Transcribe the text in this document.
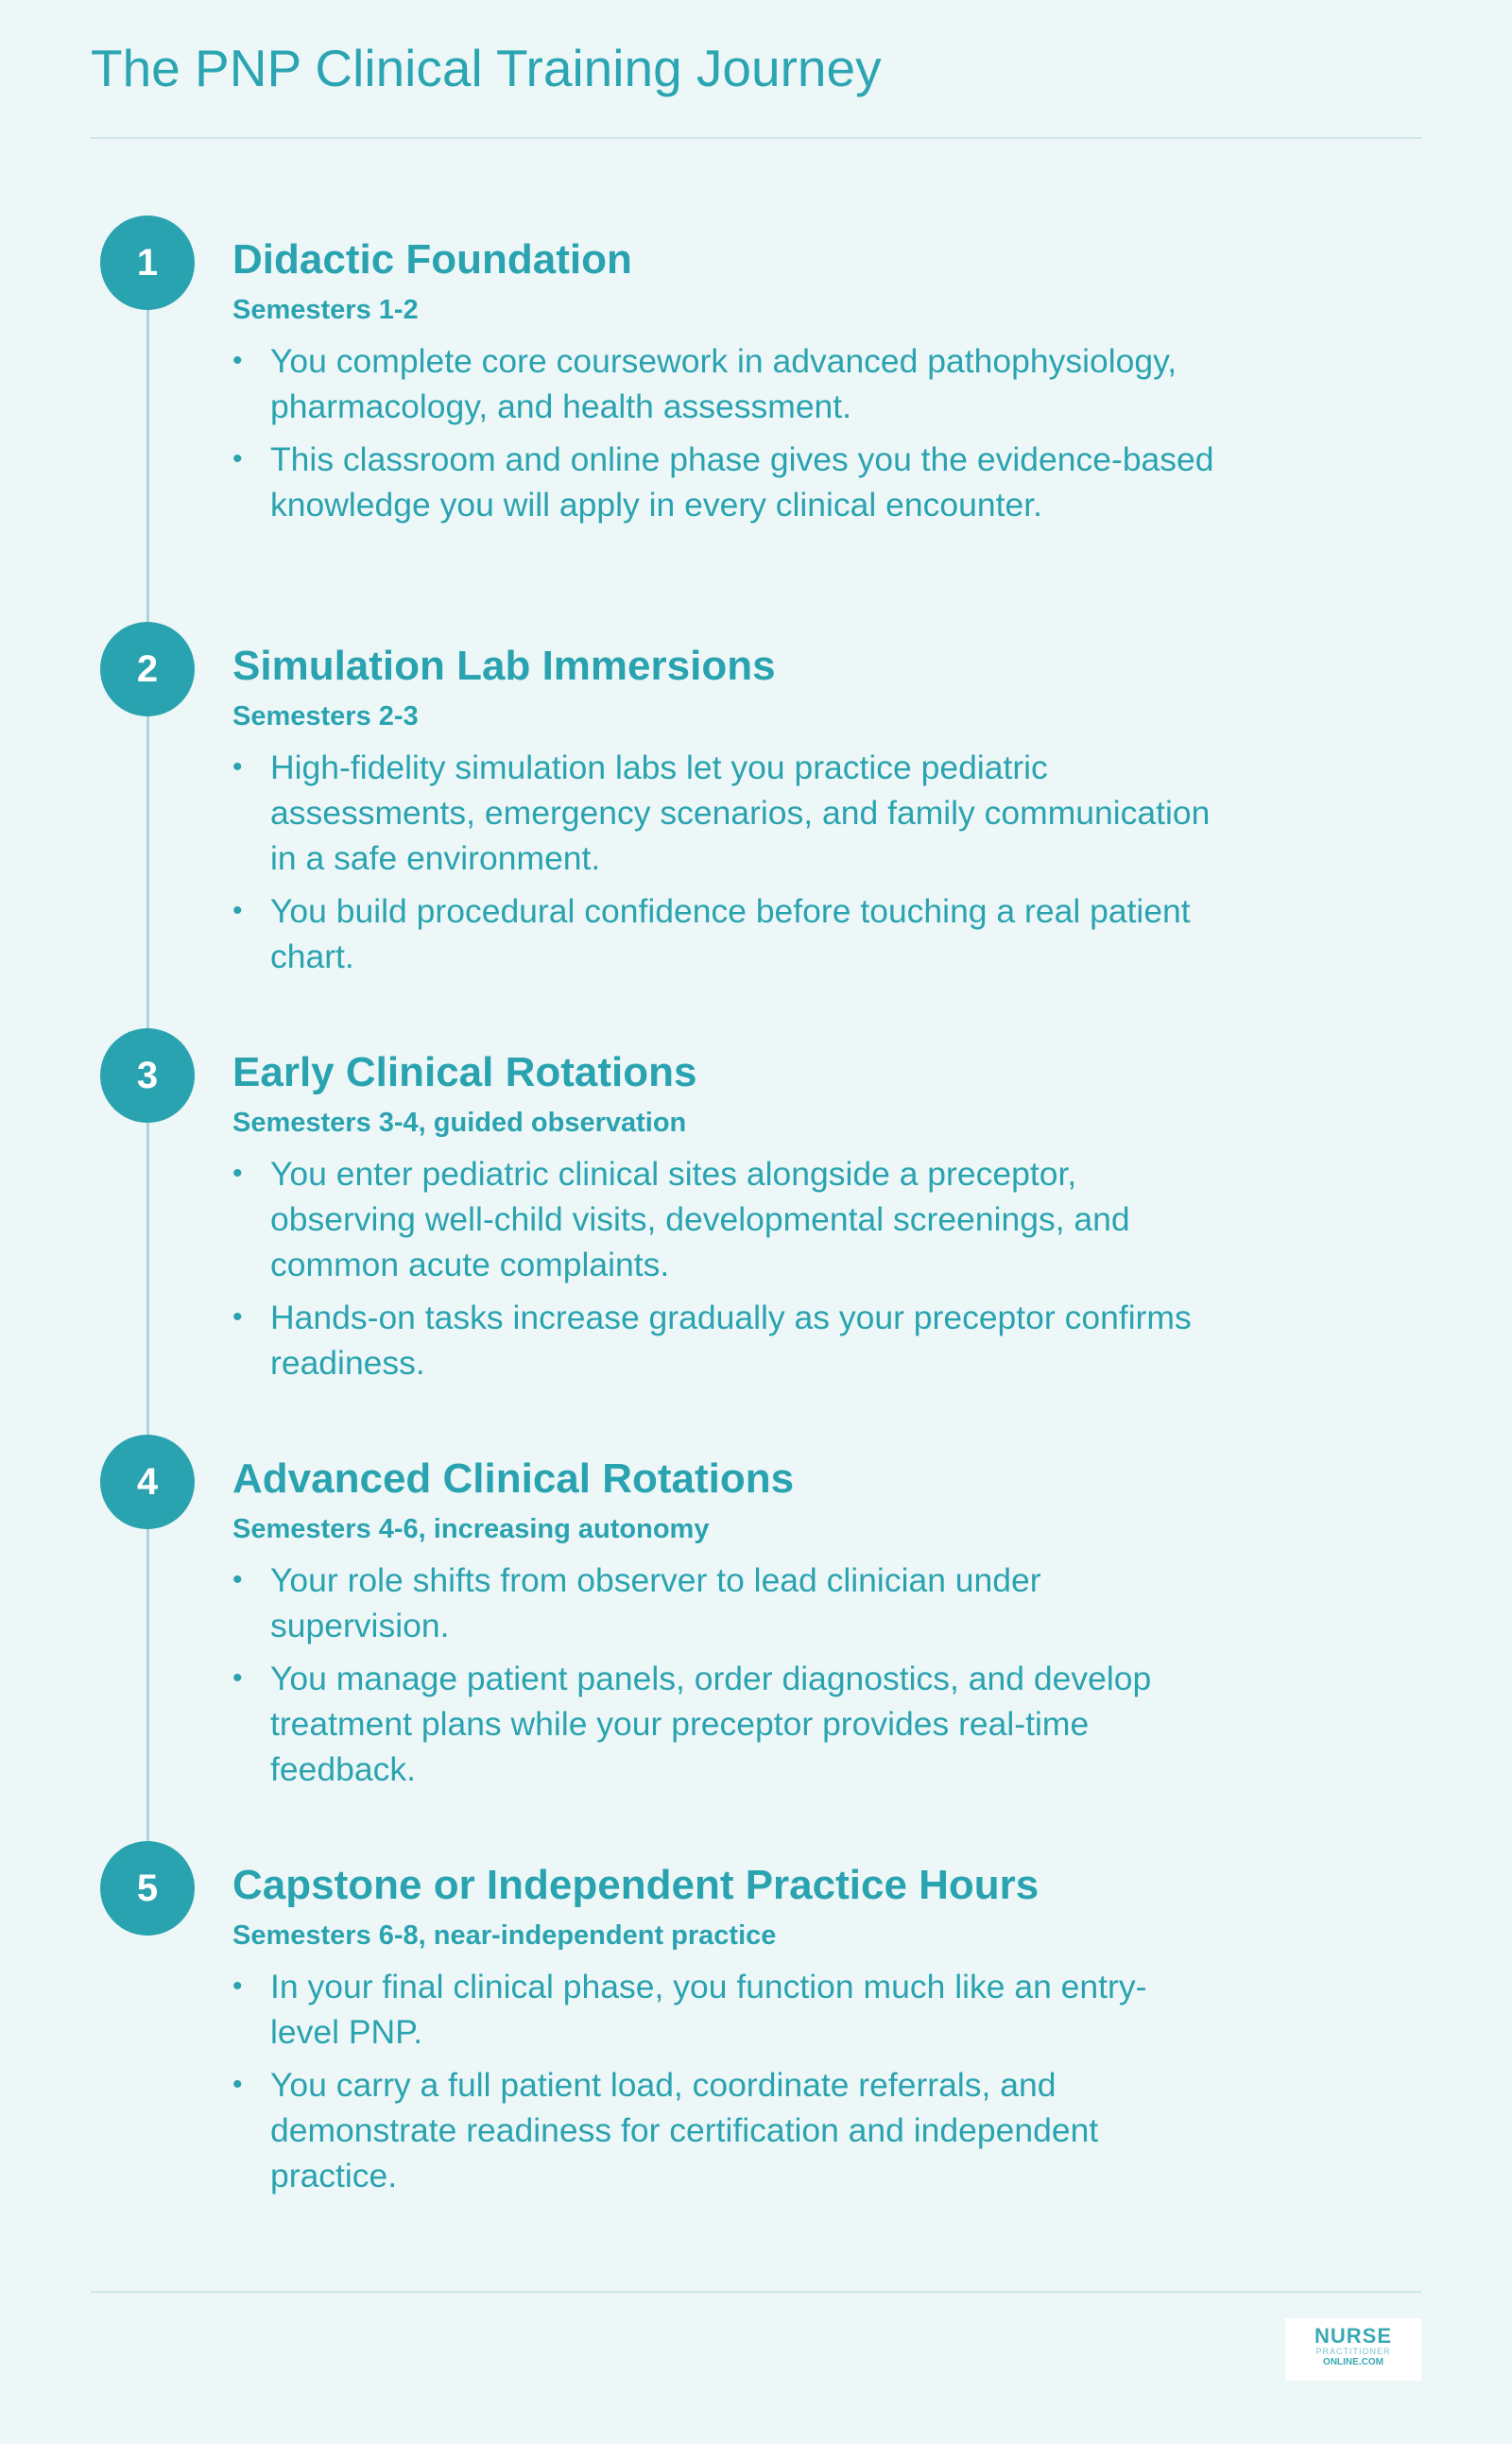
The PNP Clinical Training Journey
1	Didactic Foundation
Semesters 1-2
• You complete core coursework in advanced pathophysiology, pharmacology, and health assessment.
• This classroom and online phase gives you the evidence-based knowledge you will apply in every clinical encounter.
2	Simulation Lab Immersions
Semesters 2-3
• High-fidelity simulation labs let you practice pediatric assessments, emergency scenarios, and family communication in a safe environment.
• You build procedural confidence before touching a real patient chart.
3	Early Clinical Rotations
Semesters 3-4, guided observation
• You enter pediatric clinical sites alongside a preceptor, observing well-child visits, developmental screenings, and common acute complaints.
• Hands-on tasks increase gradually as your preceptor confirms readiness.
4	Advanced Clinical Rotations
Semesters 4-6, increasing autonomy
• Your role shifts from observer to lead clinician under supervision.
• You manage patient panels, order diagnostics, and develop treatment plans while your preceptor provides real-time feedback.
5	Capstone or Independent Practice Hours
Semesters 6-8, near-independent practice
• In your final clinical phase, you function much like an entry-level PNP.
• You carry a full patient load, coordinate referrals, and demonstrate readiness for certification and independent practice.
NURSE
PRACTITIONER
ONLINE.COM
